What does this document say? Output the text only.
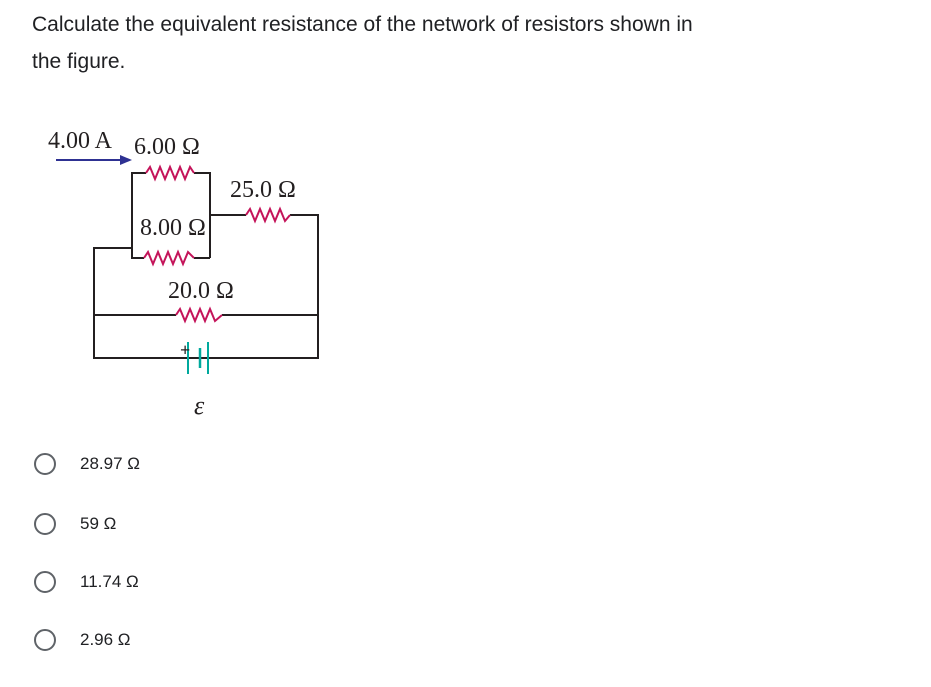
Calculate the equivalent resistance of the network of resistors shown in
the figure.
4.00 A 6.00 Ω
8.00 Ω
25.0 Ω
20.0 Ω
+
ε
28.97 Ω
59 Ω
11.74 Ω
2.96 Ω
